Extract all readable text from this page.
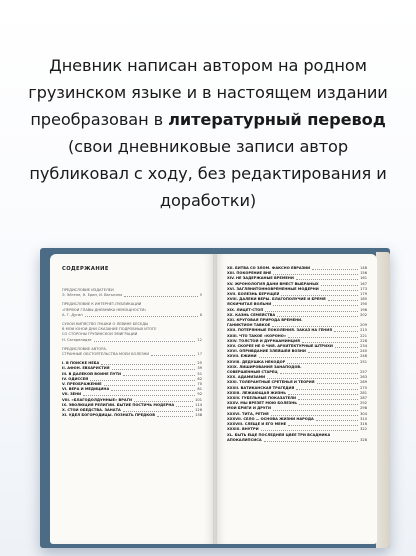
Дневник написан автором на родном грузинском языке и в настоящем издании преобразован в литературный перевод (свои дневниковые записи автор публиковал с ходу, без редактирования и доработки)
СОДЕРЖАНИЕ
ПРЕДИСЛОВИЕ ИЗДАТЕЛЕЙ
Э. Эйгене, Н. Ерин, И. Ватыгина	5
ПРЕДИСЛОВИЕ К ИНТЕРНЕТ-ПУБЛИКАЦИИ
«ПЕРВОЙ ГЛАВЫ ДНЕВНИКА НЕМОЩНОСТИ»
А. Г. Дугин	8
СУХОЙ КИПЯСТВО ПУШКИ О ЛЕВИНЕ БЕСЕДЫ
В МОИ ЮНОЙ ДНИ СКАЗАНИЕ ПОДРОБНЫХ ИТОГЕ
СО СТОРОНЫ ГРУЗИНСКОЙ ЭМИГРАЦИИ
Н. Сагарелидзе	12
ПРЕДИСЛОВИЕ АВТОРА.
СТРАННЫЕ ОБСТОЯТЕЛЬСТВА МОЕЙ БОЛЕЗНИ	17
I. В ПОИСКЕ НЕБА	25
II. АФОН. ЕВХАРИСТИЯ	39
III. В ДАЛЕКОЙ ВОИНЕ ПУТИ	51
IV. ОДИССЕЙ	62
V. ПРЕОБРАЖЕНИЕ	70
VI. ВЕРА И МЕДИЦИНА	81
VII. ЗЕНИ	92
VIII. «БЛАГОДОЛДУННЫЕ» ВРАГИ	101
IX. ЭВОЛЮЦИЯ РЕЛИГИИ. БЫТИЕ ПОСТИЧЬ МОДЕРНА	114
X. СТОИ ОБЕДСТВА. ЗАНАТА	126
XI. УДЕЛ БОГОРОДИЦЫ. ПОЗНАТЬ ПРЕДКОВ	138
XII. БИТВА СО ЗЛОМ. ФАКСНО ЕВРАЗИИ	148
XIII. ПОКОРЕНИЕ ВНЕ	156
XIV. НЕ ЗАДЕРЖАНЫЕ ВРЕМЕНИ	161
XV. ЖРОНОЛОГИЯ ДАНИ ВМЕСТ ВЫБРАНЫХ	167
XVI. ЗАГЛЯНИТОННОВРЕМЕННЫЕ МОДЕРНИ	173
XVII. БОЛЕЗНЬ БЕРУЩЕЙ	179
XVIII. ДАЛЕКИ ВЕРЫ. БЛАГОПОЛУЧИЕ И БРЕМЯ	185
ЯСКИЧИТАЛ ВОЛЬНИ	190
XIX. ЛИЦЕТ-СТОП	196
XX. КАЗНЬ СЕМЕЙСТВА	202
XXI. КРУГОВАЯ ПРИРОДА ВРЕМЕНИ.
ГАНИКТИОН ТАВКОЕ	209
XXII. ПОТЕРЯННЫЕ ПОКОЛЕНИЯ. ЗАКАЗ НА ГЕНИЯ	215
XXIII. ЧТО ТАКОЕ «КОРОНО»	221
XXIV. ТОЛСТОЙ И ДУРНААМИНЦИЯ	228
XXV. СКОРЕЕ НЕ О ЧИЯ. АРХИТЕКТУРНЫЕ ШТРИХИ	234
XXVI. ОПРИВДАНИЕ ЗЛЕЙШЕЙ ВОЗНИ	240
XXVII. ЕЖИНИ	246
XXVIII. ДЕДУШКА НЕКОДОР	251
XXIX. ЛИШИРОВАНИЯ ЗАНАПОДОВ.
СОВЕРШЕННЫЙ СТАРЕЦ	257
XXX. АДАМИЗАМИ	263
XXXI. ТОЛЕРАНТНЫЕ СРЕТЕНЬЯ И ТЕОРИЯ	269
XXXII. ВАТИКАНСКАЯ ТРАГЕДИЯ	275
XXXIII. ЛЕЖАЮЩАЯ ЖИЗНЬ	281
XXXIV. ГУБЕЛЬНЫЕ ПОКАЗАТЕЛИ	287
XXXV. МЫ ВРЕЗЕТ МОЮ БОЛЕЗНЬ	292
МОИ БРИГИ И ДРУГИ	298
XXXVI. ТИТА, РЕТИЯ	304
XXXVII. СЕЛО — ОСНОВА ЖИЗНИ НАРОДА	310
XXXVIII. СЛЕЩЕ И ЕГО МЕНЕ	316
XXXIX. ВНУТРИ	322
XL. БЫТЬ ЕЩЁ ПОСЛЕДНЕЙ ЦВЕЕ ТРИ ВСАДНИКА
АПОКАЛИПСИСА	328
